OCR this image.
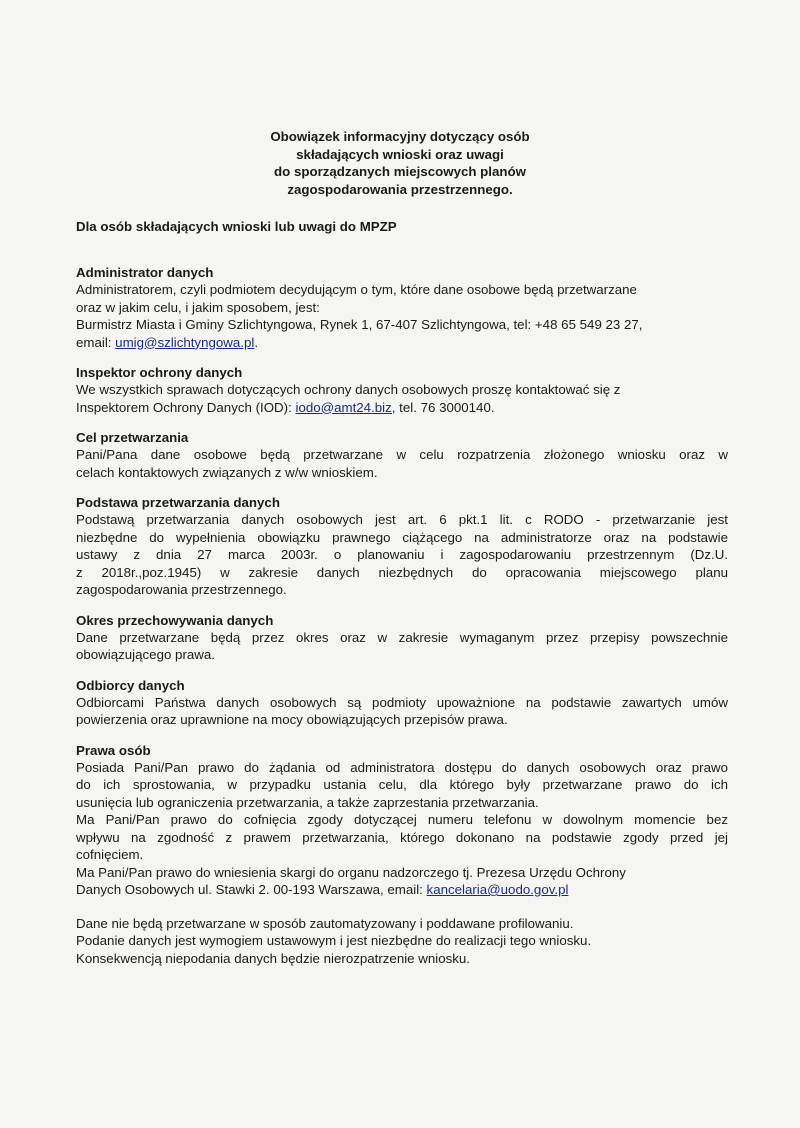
Obowiązek informacyjny dotyczący osób
składających wnioski oraz uwagi
do sporządzanych miejscowych planów
zagospodarowania przestrzennego.
Dla osób składających wnioski lub uwagi do MPZP
Administrator danych
Administratorem, czyli podmiotem decydującym o tym, które dane osobowe będą przetwarzane
oraz w jakim celu, i jakim sposobem, jest:
Burmistrz Miasta i Gminy Szlichtyngowa, Rynek 1, 67-407 Szlichtyngowa, tel: +48 65 549 23 27,
email: umig@szlichtyngowa.pl.
Inspektor ochrony danych
We wszystkich sprawach dotyczących ochrony danych osobowych proszę kontaktować się z
Inspektorem Ochrony Danych (IOD): iodo@amt24.biz, tel. 76 3000140.
Cel przetwarzania
Pani/Pana dane osobowe będą przetwarzane w celu rozpatrzenia złożonego wniosku oraz w
celach kontaktowych związanych z w/w wnioskiem.
Podstawa przetwarzania danych
Podstawą przetwarzania danych osobowych jest art. 6 pkt.1 lit. c RODO - przetwarzanie jest
niezbędne do wypełnienia obowiązku prawnego ciążącego na administratorze oraz na podstawie
ustawy z dnia 27 marca 2003r. o planowaniu i zagospodarowaniu przestrzennym (Dz.U.
z 2018r.,poz.1945) w zakresie danych niezbędnych do opracowania miejscowego planu
zagospodarowania przestrzennego.
Okres przechowywania danych
Dane przetwarzane będą przez okres oraz w zakresie wymaganym przez przepisy powszechnie
obowiązującego prawa.
Odbiorcy danych
Odbiorcami Państwa danych osobowych są podmioty upoważnione na podstawie zawartych umów
powierzenia oraz uprawnione na mocy obowiązujących przepisów prawa.
Prawa osób
Posiada Pani/Pan prawo do żądania od administratora dostępu do danych osobowych oraz prawo
do ich sprostowania, w przypadku ustania celu, dla którego były przetwarzane prawo do ich
usunięcia lub ograniczenia przetwarzania, a także zaprzestania przetwarzania.
Ma Pani/Pan prawo do cofnięcia zgody dotyczącej numeru telefonu w dowolnym momencie bez
wpływu na zgodność z prawem przetwarzania, którego dokonano na podstawie zgody przed jej
cofnięciem.
Ma Pani/Pan prawo do wniesienia skargi do organu nadzorczego tj. Prezesa Urzędu Ochrony
Danych Osobowych ul. Stawki 2. 00-193 Warszawa, email: kancelaria@uodo.gov.pl
Dane nie będą przetwarzane w sposób zautomatyzowany i poddawane profilowaniu.
Podanie danych jest wymogiem ustawowym i jest niezbędne do realizacji tego wniosku.
Konsekwencją niepodania danych będzie nierozpatrzenie wniosku.
